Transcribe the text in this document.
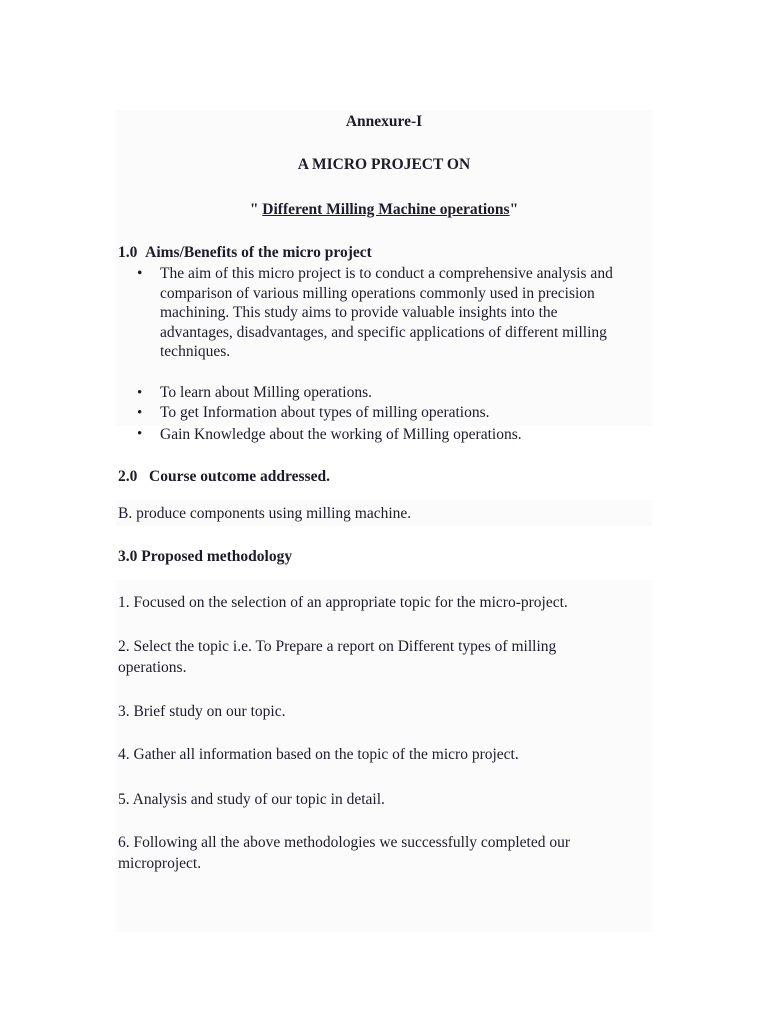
Annexure-I
A MICRO PROJECT ON
" Different Milling Machine operations"
1.0 Aims/Benefits of the micro project
• The aim of this micro project is to conduct a comprehensive analysis and
comparison of various milling operations commonly used in precision
machining. This study aims to provide valuable insights into the
advantages, disadvantages, and specific applications of different milling
techniques.
• To learn about Milling operations.
• To get Information about types of milling operations.
• Gain Knowledge about the working of Milling operations.
2.0 Course outcome addressed.
B. produce components using milling machine.
3.0 Proposed methodology
1. Focused on the selection of an appropriate topic for the micro-project.
2. Select the topic i.e. To Prepare a report on Different types of milling operations.
3. Brief study on our topic.
4. Gather all information based on the topic of the micro project.
5. Analysis and study of our topic in detail.
6. Following all the above methodologies we successfully completed our microproject.
